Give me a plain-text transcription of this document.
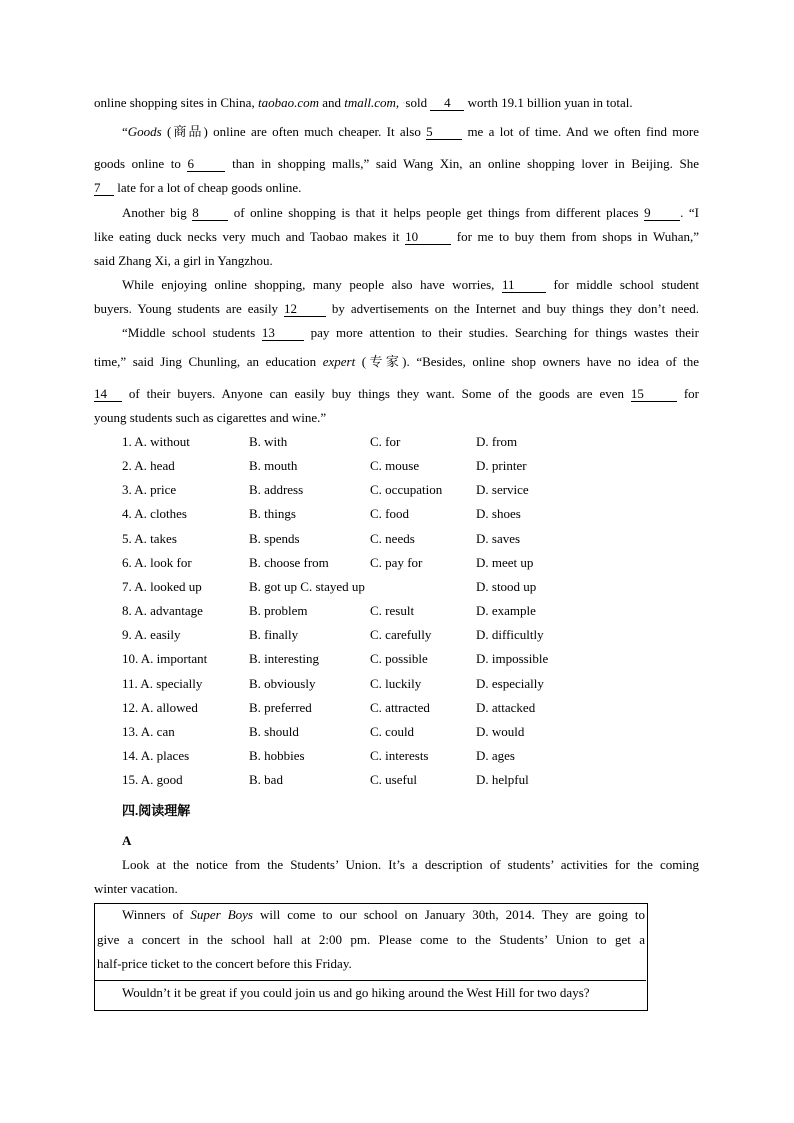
online shopping sites in China, taobao.com and tmall.com, ·sold 4 worth 19.1 billion yuan in total.
“Goods (商品) online are often much cheaper. It also 5 me a lot of time. And we often find more
goods online to 6 than in shopping malls,” said Wang Xin, an online shopping lover in Beijing. She
7 late for a lot of cheap goods online.
Another big 8 of online shopping is that it helps people get things from different places 9 . “I
like eating duck necks very much and Taobao makes it 10	for me to buy them from shops in Wuhan,”
said Zhang Xi, a girl in Yangzhou.
While enjoying online shopping, many people also have worries, 11 for middle school student
buyers. Young students are easily 12 by advertisements on the Internet and buy things they don’t need.
“Middle school students 13 pay more attention to their studies. Searching for things wastes their
time,” said Jing Chunling, an education expert (专家). “Besides, online shop owners have no idea of the
14 of their buyers. Anyone can easily buy things they want. Some of the goods are even 15	for
young students such as cigarettes and wine.”
1. A. without	B. with	C. for	D. from
2. A. head	B. mouth	C. mouse	D. printer
3. A. price	B. address	C. occupation	D. service
4. A. clothes	B. things	C. food	D. shoes
5. A. takes	B. spends	C. needs	D. saves
6. A. look for	B. choose from	C. pay for	D. meet up
7. A. looked up	B. got up C. stayed up	D. stood up
8. A. advantage	B. problem	C. result	D. example
9. A. easily	B. finally	C. carefully	D. difficultly
10. A. important	B. interesting	C. possible	D. impossible
11. A. specially	B. obviously	C. luckily	D. especially
12. A. allowed	B. preferred	C. attracted	D. attacked
13. A. can	B. should	C. could	D. would
14. A. places	B. hobbies	C. interests	D. ages
15. A. good	B. bad	C. useful	D. helpful
四.阅读理解
A
Look at the notice from the Students’ Union. It’s a description of students’ activities for the coming
winter vacation.
Winners of Super Boys will come to our school on January 30th, 2014. They are going to
give a concert in the school hall at 2:00 pm. Please come to the Students’ Union to get a
half-price ticket to the concert before this Friday.
Wouldn’t it be great if you could join us and go hiking around the West Hill for two days?
